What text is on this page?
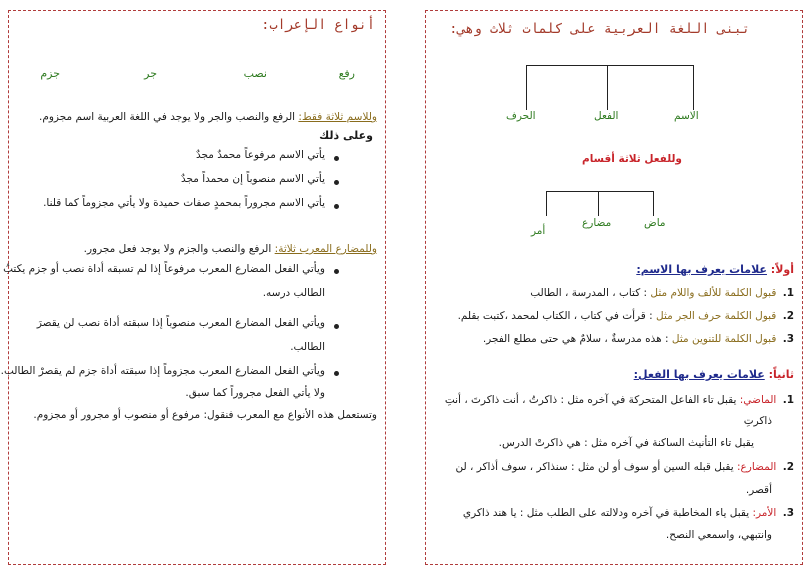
أنواع الإعراب:
رفع
نصب
جر
جزم
وللاسم ثلاثة فقط: الرفع والنصب والجر ولا يوجد في اللغة العربية اسم مجزوم.
وعلى ذلك
يأتي الاسم مرفوعاً محمدٌ مجدٌ
يأتي الاسم منصوباً إن محمداً مجدٌ
يأتي الاسم مجروراً بمحمدٍ صفات حميدة ولا يأتي مجزوماً كما قلنا.
وللمضارع المعرب ثلاثة: الرفع والنصب والجزم ولا يوجد فعل مجرور.
ويأتي الفعل المضارع المعرب مرفوعاً إذا لم تسبقه أداة نصب أو جزم يكتبُ
الطالب درسه.
ويأتي الفعل المضارع المعرب منصوباً إذا سبقته أداة نصب لن يقصرَ
الطالب.
ويأتي الفعل المضارع المعرب مجزوماً إذا سبقته أداة جزم لم يقصرْ الطالب.
ولا يأتي الفعل مجروراً كما سبق.
وتستعمل هذه الأنواع مع المعرب فنقول: مرفوع أو منصوب أو مجرور أو مجزوم.
تبنى اللغة العربية على كلمات ثلاث وهي:
الاسم
الفعل
الحرف
وللفعل ثلاثة أقسام
ماض
مضارع
أمر
أولاً: علامات يعرف بها الاسم:
1. قبول الكلمة للألف واللام مثل : كتاب ، المدرسة ، الطالب
2. قبول الكلمة حرف الجر مثل : قرأت في كتاب ، الكتاب لمحمد ،كتبت بقلم.
3. قبول الكلمة للتنوين مثل : هذه مدرسةٌ ، سلامٌ هي حتى مطلع الفجر.
ثانياً: علامات يعرف بها الفعل:
1. الماضي: يقبل تاء الفاعل المتحركة في آخره مثل : ذاكرتُ ، أنت ذاكرتَ ، أنتِ
ذاكرتِ
يقبل تاء التأنيث الساكنة في آخره مثل : هي ذاكرتْ الدرس.
2. المضارع: يقبل قبله السين أو سوف أو لن مثل : سنذاكر ، سوف أذاكر ، لن
أقصر.
3. الأمر: يقبل ياء المخاطبة في آخره ودلالته على الطلب مثل : يا هند ذاكري
وانتبهي، واسمعي النصح.
